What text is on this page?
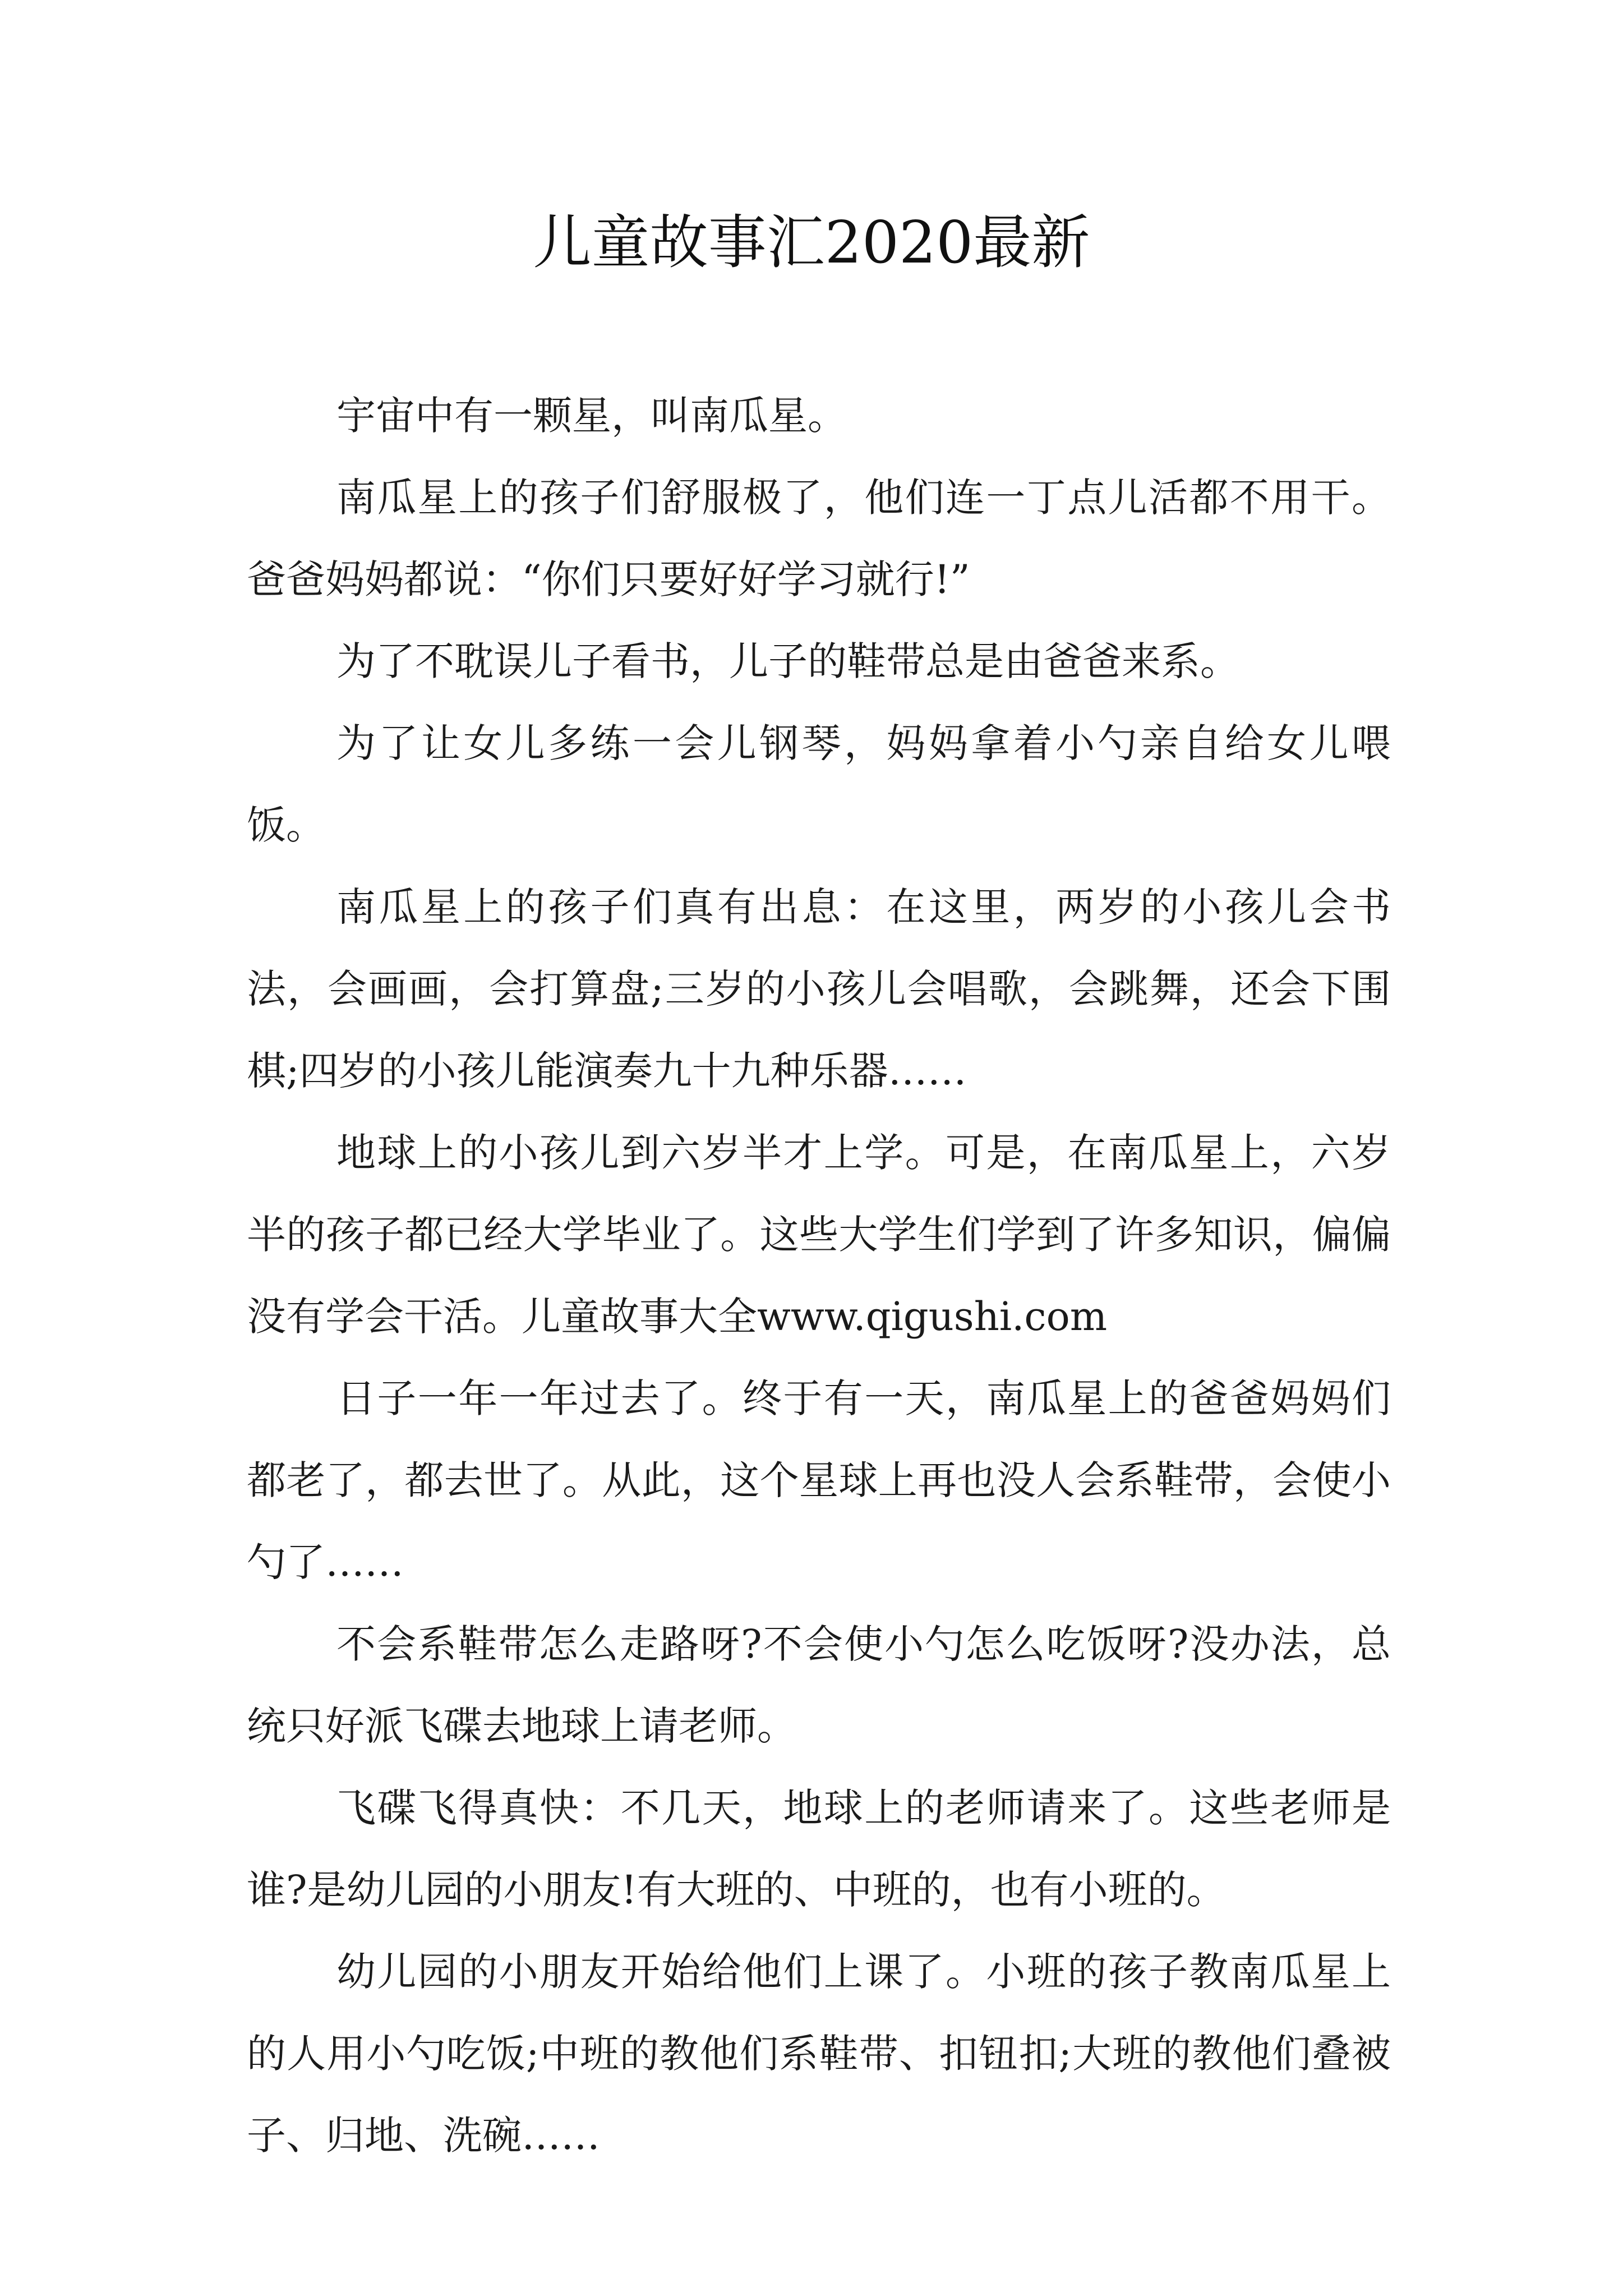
儿童故事汇2020最新

宇宙中有一颗星，叫南瓜星。

南瓜星上的孩子们舒服极了，他们连一丁点儿活都不用干。爸爸妈妈都说：“你们只要好好学习就行!”

为了不耽误儿子看书，儿子的鞋带总是由爸爸来系。

为了让女儿多练一会儿钢琴，妈妈拿着小勺亲自给女儿喂饭。

南瓜星上的孩子们真有出息：在这里，两岁的小孩儿会书法，会画画，会打算盘;三岁的小孩儿会唱歌，会跳舞，还会下围棋;四岁的小孩儿能演奏九十九种乐器……

地球上的小孩儿到六岁半才上学。可是，在南瓜星上，六岁半的孩子都已经大学毕业了。这些大学生们学到了许多知识，偏偏没有学会干活。儿童故事大全www.qigushi.com

日子一年一年过去了。终于有一天，南瓜星上的爸爸妈妈们都老了，都去世了。从此，这个星球上再也没人会系鞋带，会使小勺了……

不会系鞋带怎么走路呀?不会使小勺怎么吃饭呀?没办法，总统只好派飞碟去地球上请老师。

飞碟飞得真快：不几天，地球上的老师请来了。这些老师是谁?是幼儿园的小朋友!有大班的、中班的，也有小班的。

幼儿园的小朋友开始给他们上课了。小班的孩子教南瓜星上的人用小勺吃饭;中班的教他们系鞋带、扣钮扣;大班的教他们叠被子、归地、洗碗……
